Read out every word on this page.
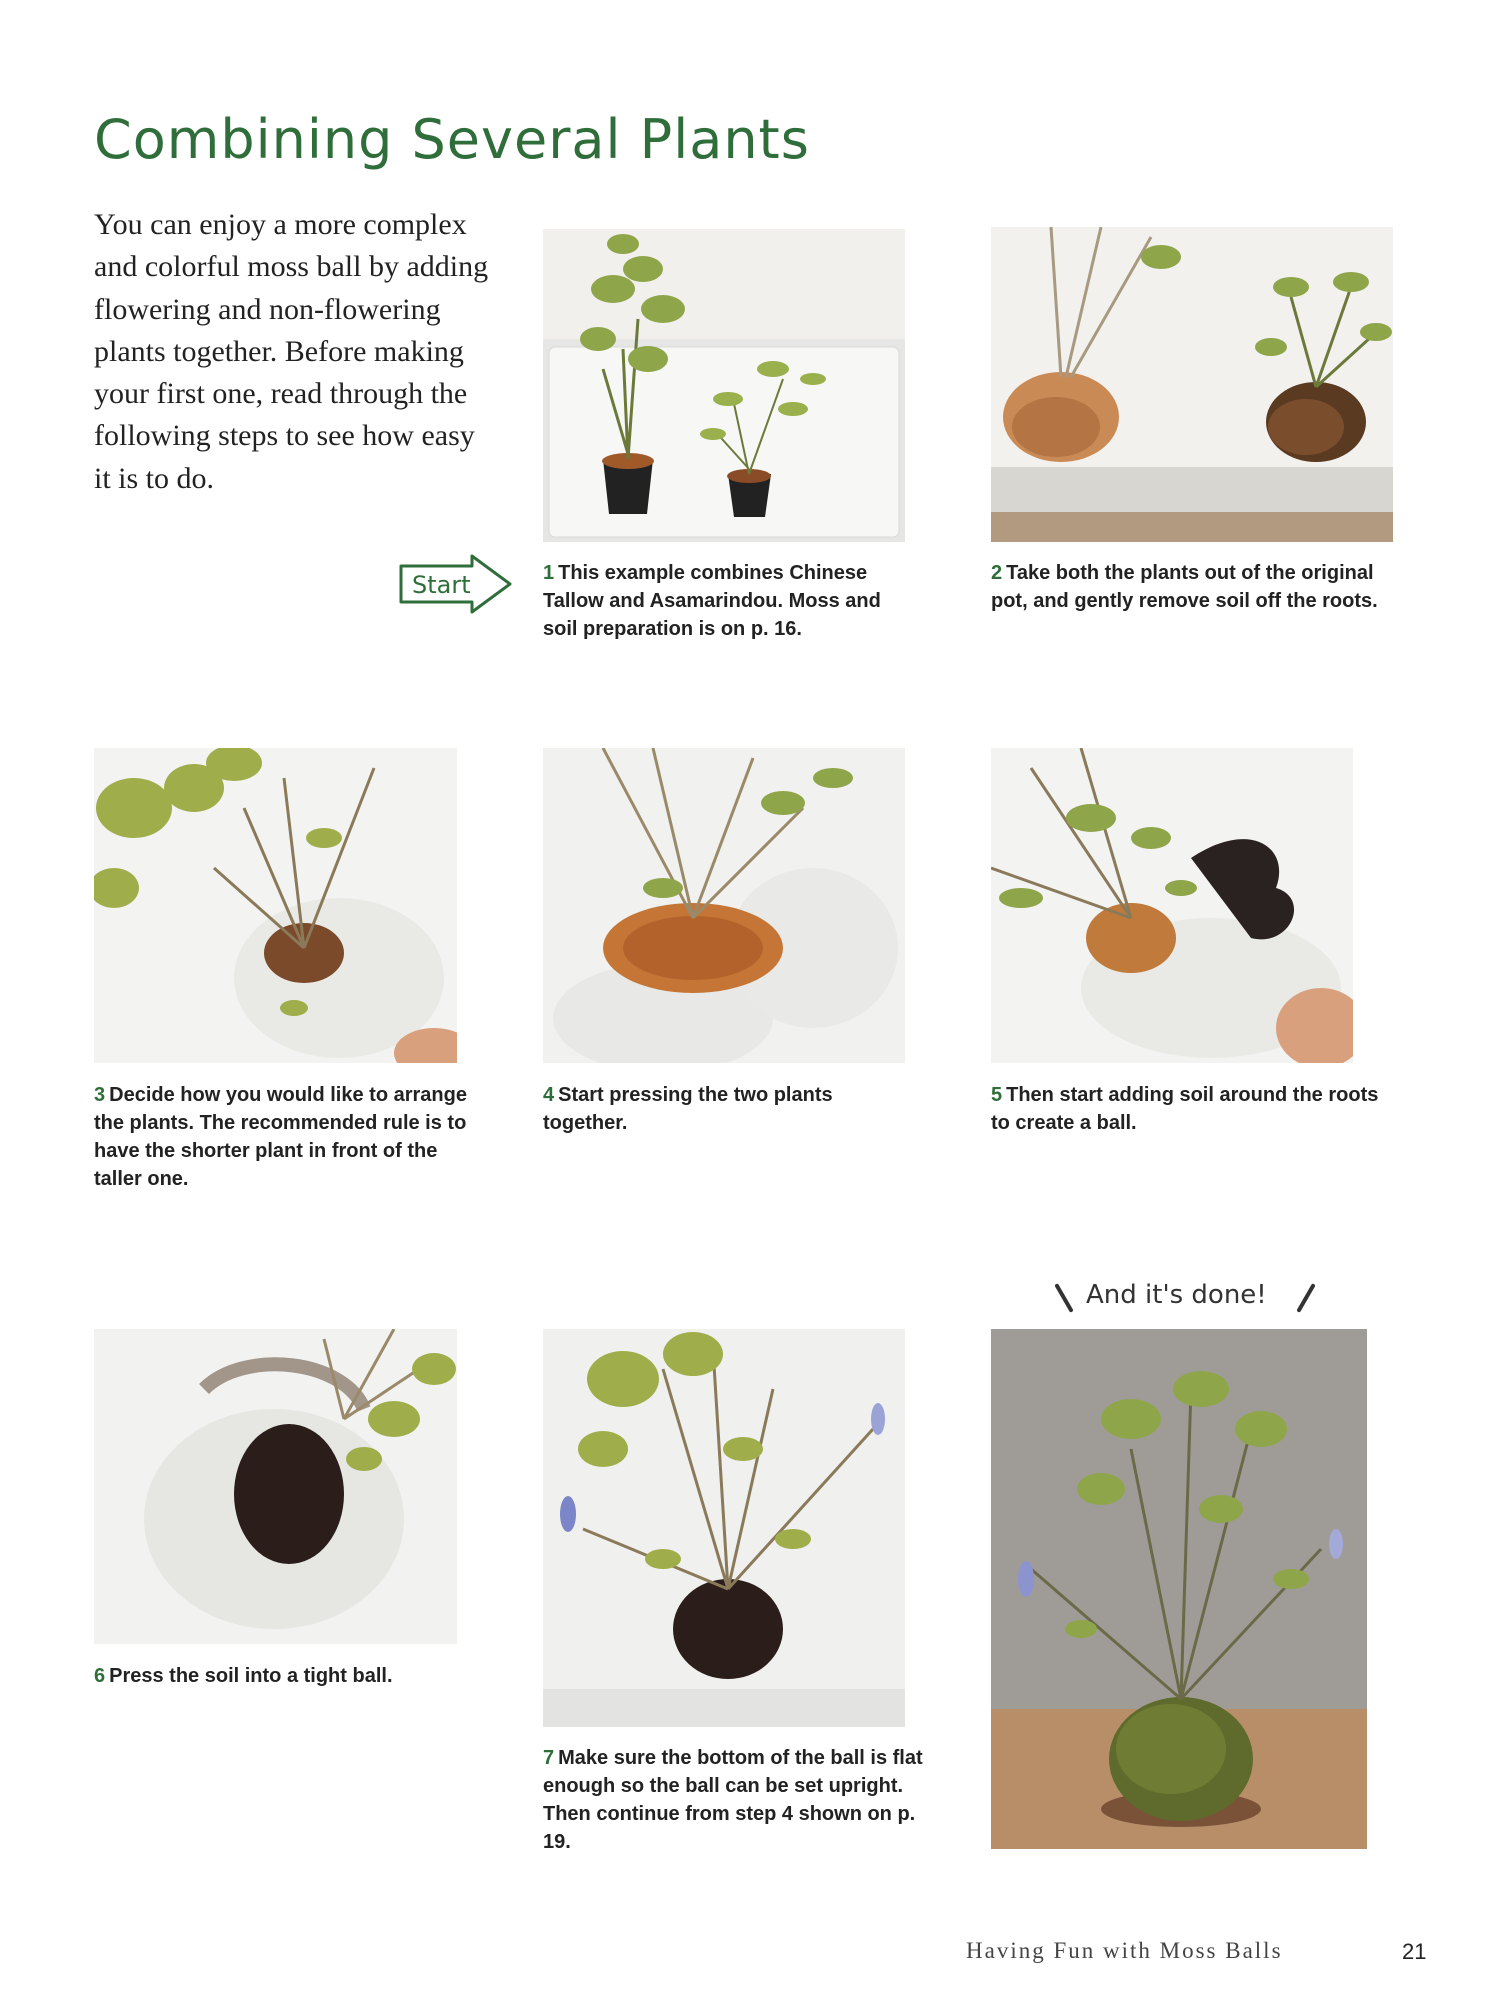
Combining Several Plants

You can enjoy a more complex and colorful moss ball by adding flowering and non-flowering plants together. Before making your first one, read through the following steps to see how easy it is to do.

Start	1 This example combines Chinese Tallow and Asamarindou. Moss and soil preparation is on p. 16.

2 Take both the plants out of the original pot, and gently remove soil off the roots.

3 Decide how you would like to arrange the plants. The recommended rule is to have the shorter plant in front of the taller one.

4 Start pressing the two plants together.

5 Then start adding soil around the roots to create a ball.

And it's done!

6 Press the soil into a tight ball.

7 Make sure the bottom of the ball is flat enough so the ball can be set upright. Then continue from step 4 shown on p. 19.

Having Fun with Moss Balls	21
